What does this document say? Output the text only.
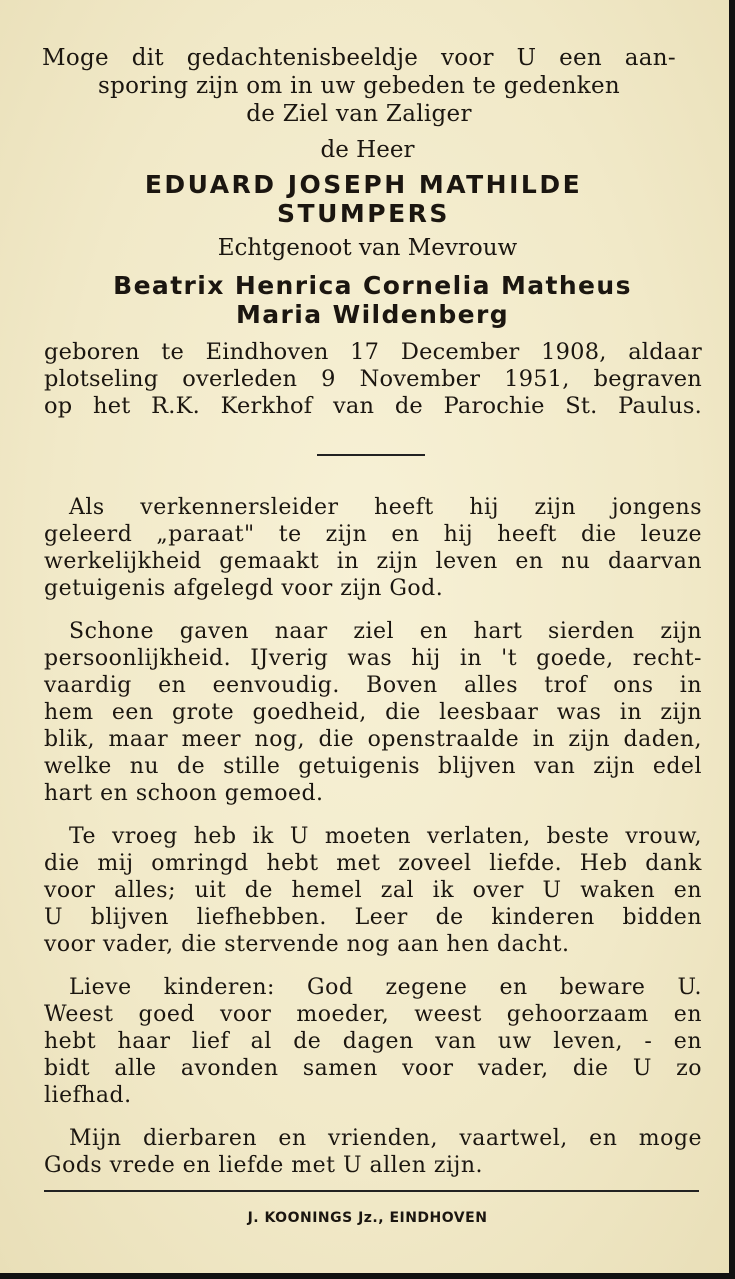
Moge dit gedachtenisbeeldje voor U een aan-
sporing zijn om in uw gebeden te gedenken
de Ziel van Zaliger
de Heer
EDUARD JOSEPH MATHILDE
STUMPERS
Echtgenoot van Mevrouw
Beatrix Henrica Cornelia Matheus
Maria Wildenberg
geboren te Eindhoven 17 December 1908, aldaar
plotseling overleden 9 November 1951, begraven
op het R.K. Kerkhof van de Parochie St. Paulus.
Als verkennersleider heeft hij zijn jongens
geleerd „paraat" te zijn en hij heeft die leuze
werkelijkheid gemaakt in zijn leven en nu daarvan
getuigenis afgelegd voor zijn God.
Schone gaven naar ziel en hart sierden zijn
persoonlijkheid. IJverig was hij in 't goede, recht-
vaardig en eenvoudig. Boven alles trof ons in
hem een grote goedheid, die leesbaar was in zijn
blik, maar meer nog, die openstraalde in zijn daden,
welke nu de stille getuigenis blijven van zijn edel
hart en schoon gemoed.
Te vroeg heb ik U moeten verlaten, beste vrouw,
die mij omringd hebt met zoveel liefde. Heb dank
voor alles; uit de hemel zal ik over U waken en
U blijven liefhebben. Leer de kinderen bidden
voor vader, die stervende nog aan hen dacht.
Lieve kinderen: God zegene en beware U.
Weest goed voor moeder, weest gehoorzaam en
hebt haar lief al de dagen van uw leven, - en
bidt alle avonden samen voor vader, die U zo
liefhad.
Mijn dierbaren en vrienden, vaartwel, en moge
Gods vrede en liefde met U allen zijn.
J. KOONINGS Jz., EINDHOVEN
